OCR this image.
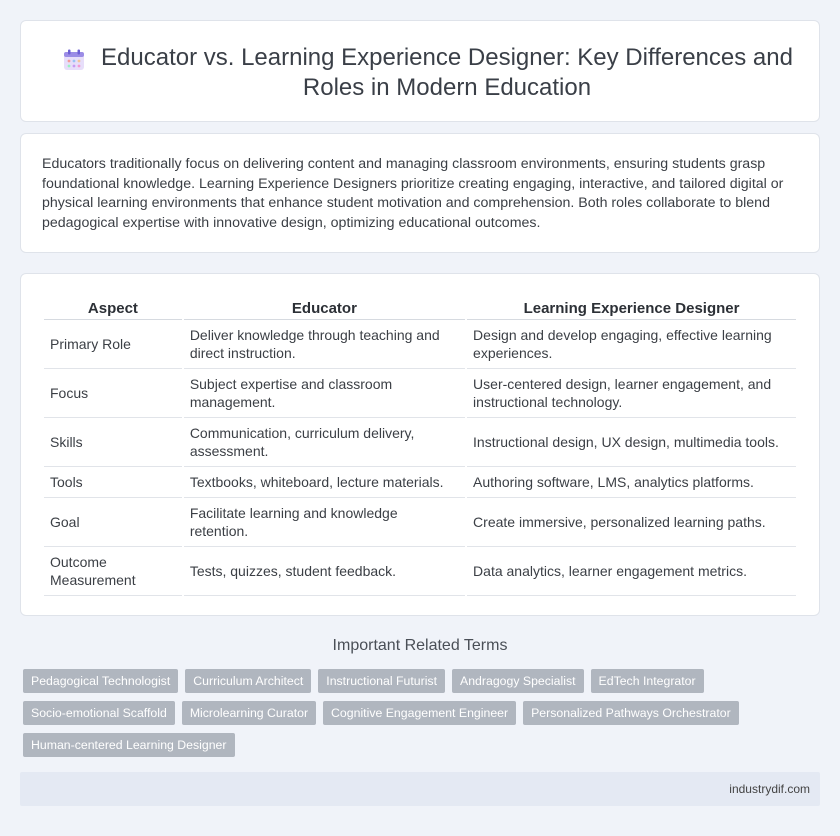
Educator vs. Learning Experience Designer: Key Differences and Roles in Modern Education

Educators traditionally focus on delivering content and managing classroom environments, ensuring students grasp foundational knowledge. Learning Experience Designers prioritize creating engaging, interactive, and tailored digital or physical learning environments that enhance student motivation and comprehension. Both roles collaborate to blend pedagogical expertise with innovative design, optimizing educational outcomes.

Aspect	Educator	Learning Experience Designer
Primary Role	Deliver knowledge through teaching and direct instruction.	Design and develop engaging, effective learning experiences.
Focus	Subject expertise and classroom management.	User-centered design, learner engagement, and instructional technology.
Skills	Communication, curriculum delivery, assessment.	Instructional design, UX design, multimedia tools.
Tools	Textbooks, whiteboard, lecture materials.	Authoring software, LMS, analytics platforms.
Goal	Facilitate learning and knowledge retention.	Create immersive, personalized learning paths.
Outcome Measurement	Tests, quizzes, student feedback.	Data analytics, learner engagement metrics.
Important Related Terms
Pedagogical Technologist	Curriculum Architect	Instructional Futurist	Andragogy Specialist	EdTech Integrator
Socio-emotional Scaffold	Microlearning Curator	Cognitive Engagement Engineer	Personalized Pathways Orchestrator
Human-centered Learning Designer
industrydif.com
